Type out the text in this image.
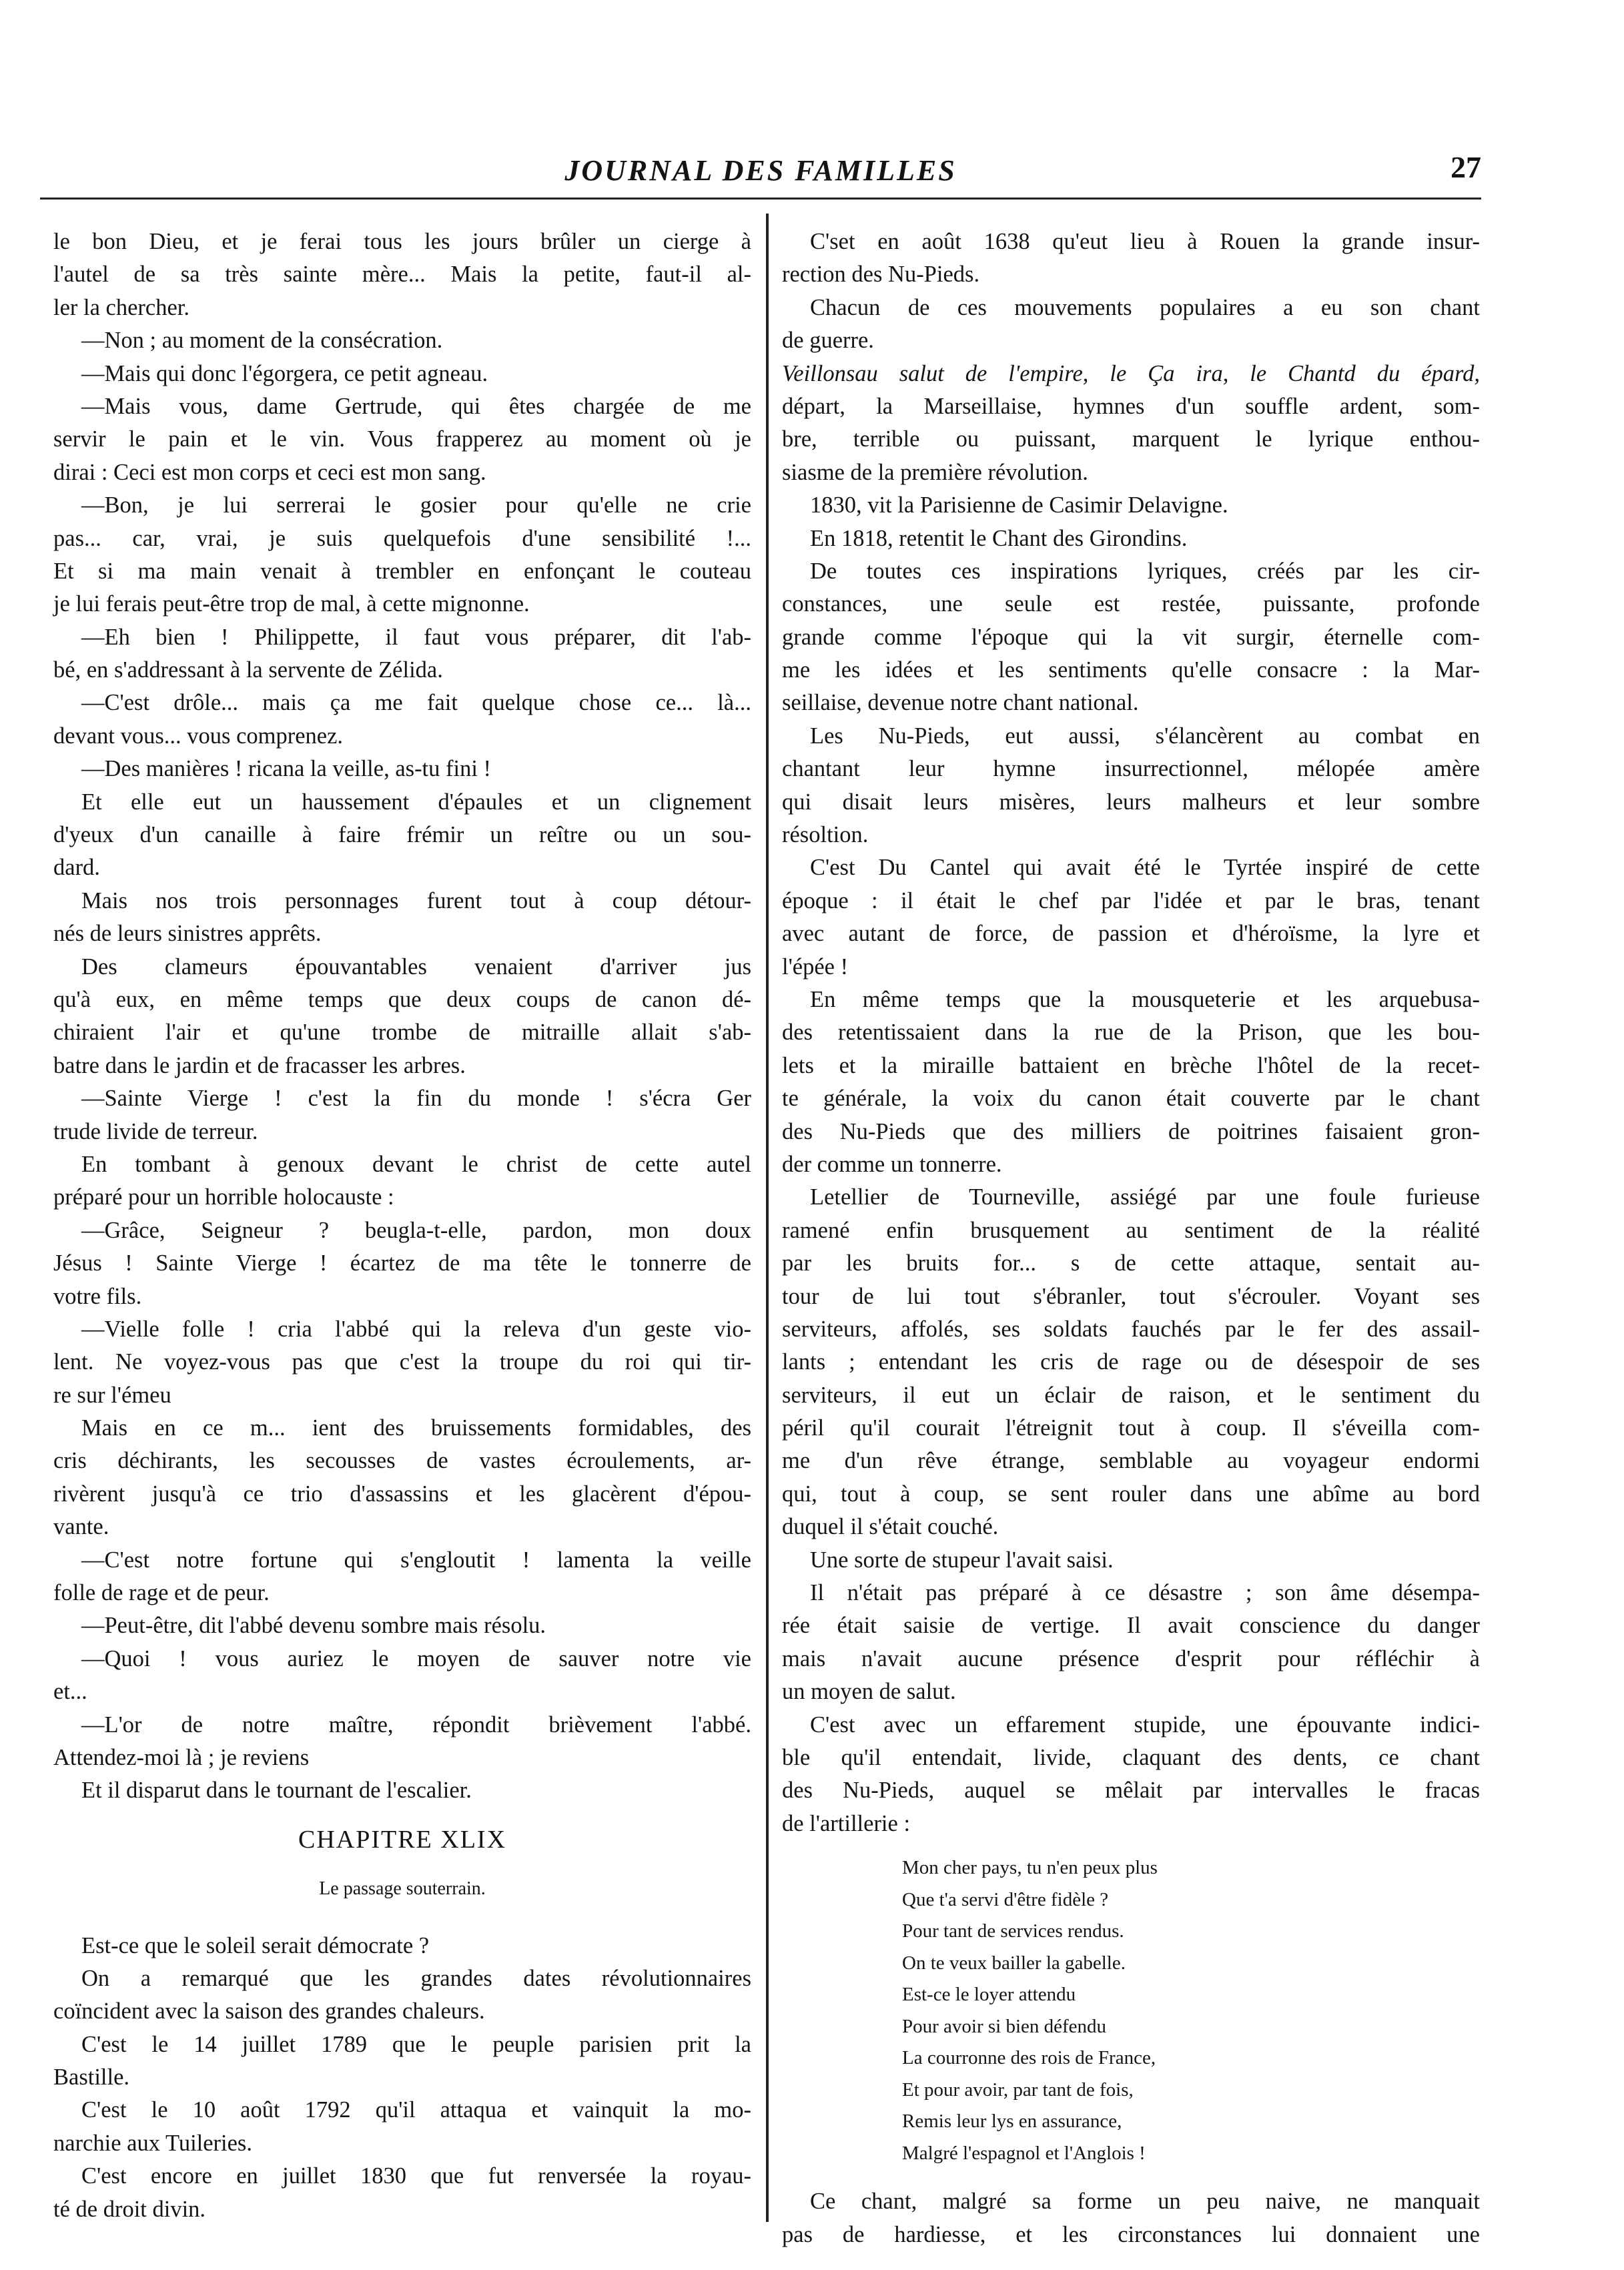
JOURNAL DES FAMILLES	27
le bon Dieu, et je ferai tous les jours brûler un cierge à
l'autel de sa très sainte mère... Mais la petite, faut-il al-
ler la chercher.
—Non ; au moment de la consécration.
—Mais qui donc l'égorgera, ce petit agneau.
—Mais vous, dame Gertrude, qui êtes chargée de me
servir le pain et le vin. Vous frapperez au moment où je
dirai : Ceci est mon corps et ceci est mon sang.
—Bon, je lui serrerai le gosier pour qu'elle ne crie
pas... car, vrai, je suis quelquefois d'une sensibilité !...
Et si ma main venait à trembler en enfonçant le couteau
je lui ferais peut-être trop de mal, à cette mignonne.
—Eh bien ! Philippette, il faut vous préparer, dit l'ab-
bé, en s'addressant à la servente de Zélida.
—C'est drôle... mais ça me fait quelque chose ce... là...
devant vous... vous comprenez.
—Des manières ! ricana la veille, as-tu fini !
Et elle eut un haussement d'épaules et un clignement
d'yeux d'un canaille à faire frémir un reître ou un sou-
dard.
Mais nos trois personnages furent tout à coup détour-
nés de leurs sinistres apprêts.
Des clameurs épouvantables venaient d'arriver jus
qu'à eux, en même temps que deux coups de canon dé-
chiraient l'air et qu'une trombe de mitraille allait s'ab-
batre dans le jardin et de fracasser les arbres.
—Sainte Vierge ! c'est la fin du monde ! s'écra Ger
trude livide de terreur.
En tombant à genoux devant le christ de cette autel
préparé pour un horrible holocauste :
—Grâce, Seigneur ? beugla-t-elle, pardon, mon doux
Jésus ! Sainte Vierge ! écartez de ma tête le tonnerre de
votre fils.
—Vielle folle ! cria l'abbé qui la releva d'un geste vio-
lent. Ne voyez-vous pas que c'est la troupe du roi qui tir-
re sur l'émeu
Mais en ce m... ient des bruissements formidables, des
cris déchirants, les secousses de vastes écroulements, ar-
rivèrent jusqu'à ce trio d'assassins et les glacèrent d'épou-
vante.
—C'est notre fortune qui s'engloutit ! lamenta la veille
folle de rage et de peur.
—Peut-être, dit l'abbé devenu sombre mais résolu.
—Quoi ! vous auriez le moyen de sauver notre vie
et...
—L'or de notre maître, répondit brièvement l'abbé.
Attendez-moi là ; je reviens
Et il disparut dans le tournant de l'escalier.
CHAPITRE XLIX
Le passage souterrain.
Est-ce que le soleil serait démocrate ?
On a remarqué que les grandes dates révolutionnaires
coïncident avec la saison des grandes chaleurs.
C'est le 14 juillet 1789 que le peuple parisien prit la
Bastille.
C'est le 10 août 1792 qu'il attaqua et vainquit la mo-
narchie aux Tuileries.
C'est encore en juillet 1830 que fut renversée la royau-
té de droit divin.
C'set en août 1638 qu'eut lieu à Rouen la grande insur-
rection des Nu-Pieds.
Chacun de ces mouvements populaires a eu son chant
de guerre.
Veillonsau salut de l'empire, le Ça ira, le Chantd du épard,
départ, la Marseillaise, hymnes d'un souffle ardent, som-
bre, terrible ou puissant, marquent le lyrique enthou-
siasme de la première révolution.
1830, vit la Parisienne de Casimir Delavigne.
En 1818, retentit le Chant des Girondins.
De toutes ces inspirations lyriques, créés par les cir-
constances, une seule est restée, puissante, profonde
grande comme l'époque qui la vit surgir, éternelle com-
me les idées et les sentiments qu'elle consacre : la Mar-
seillaise, devenue notre chant national.
Les Nu-Pieds, eut aussi, s'élancèrent au combat en
chantant leur hymne insurrectionnel, mélopée amère
qui disait leurs misères, leurs malheurs et leur sombre
résoltion.
C'est Du Cantel qui avait été le Tyrtée inspiré de cette
époque : il était le chef par l'idée et par le bras, tenant
avec autant de force, de passion et d'héroïsme, la lyre et
l'épée !
En même temps que la mousqueterie et les arquebusa-
des retentissaient dans la rue de la Prison, que les bou-
lets et la miraille battaient en brèche l'hôtel de la recet-
te générale, la voix du canon était couverte par le chant
des Nu-Pieds que des milliers de poitrines faisaient gron-
der comme un tonnerre.
Letellier de Tourneville, assiégé par une foule furieuse
ramené enfin brusquement au sentiment de la réalité
par les bruits for... s de cette attaque, sentait au-
tour de lui tout s'ébranler, tout s'écrouler. Voyant ses
serviteurs, affolés, ses soldats fauchés par le fer des assail-
lants ; entendant les cris de rage ou de désespoir de ses
serviteurs, il eut un éclair de raison, et le sentiment du
péril qu'il courait l'étreignit tout à coup. Il s'éveilla com-
me d'un rêve étrange, semblable au voyageur endormi
qui, tout à coup, se sent rouler dans une abîme au bord
duquel il s'était couché.
Une sorte de stupeur l'avait saisi.
Il n'était pas préparé à ce désastre ; son âme désempa-
rée était saisie de vertige. Il avait conscience du danger
mais n'avait aucune présence d'esprit pour réfléchir à
un moyen de salut.
C'est avec un effarement stupide, une épouvante indici-
ble qu'il entendait, livide, claquant des dents, ce chant
des Nu-Pieds, auquel se mêlait par intervalles le fracas
de l'artillerie :
Mon cher pays, tu n'en peux plus
Que t'a servi d'être fidèle ?
Pour tant de services rendus.
On te veux bailler la gabelle.
Est-ce le loyer attendu
Pour avoir si bien défendu
La courronne des rois de France,
Et pour avoir, par tant de fois,
Remis leur lys en assurance,
Malgré l'espagnol et l'Anglois !
Ce chant, malgré sa forme un peu naive, ne manquait
pas de hardiesse, et les circonstances lui donnaient une
